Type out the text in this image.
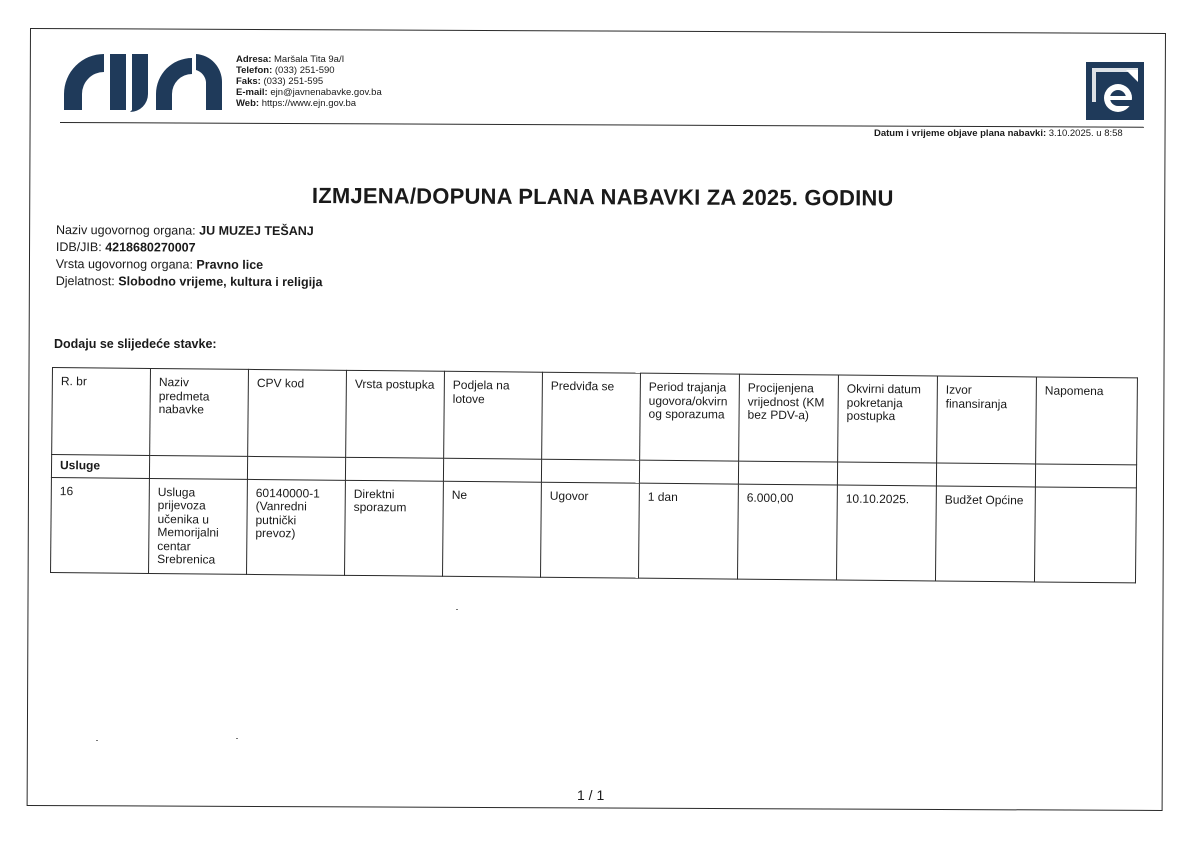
Adresa: Maršala Tita 9a/I
Telefon: (033) 251-590
Faks: (033) 251-595
E-mail: ejn@javnenabavke.gov.ba
Web: https://www.ejn.gov.ba
Datum i vrijeme objave plana nabavki: 3.10.2025. u 8:58
IZMJENA/DOPUNA PLANA NABAVKI ZA 2025. GODINU
Naziv ugovornog organa: JU MUZEJ TEŠANJ
IDB/JIB: 4218680270007
Vrsta ugovornog organa: Pravno lice
Djelatnost: Slobodno vrijeme, kultura i religija
Dodaju se slijedeće stavke:
R. br	Naziv predmeta nabavke	CPV kod	Vrsta postupka	Podjela na lotove	Predviđa se	Period trajanja ugovora/okvirnog sporazuma	Procijenjena vrijednost (KM bez PDV-a)	Okvirni datum pokretanja postupka	Izvor finansiranja	Napomena
Usluge										
16	Usluga prijevoza učenika u Memorijalni centar Srebrenica	60140000-1 (Vanredni putnički prevoz)	Direktni sporazum	Ne	Ugovor	1 dan	6.000,00	10.10.2025.	Budžet Općine	
1 / 1
